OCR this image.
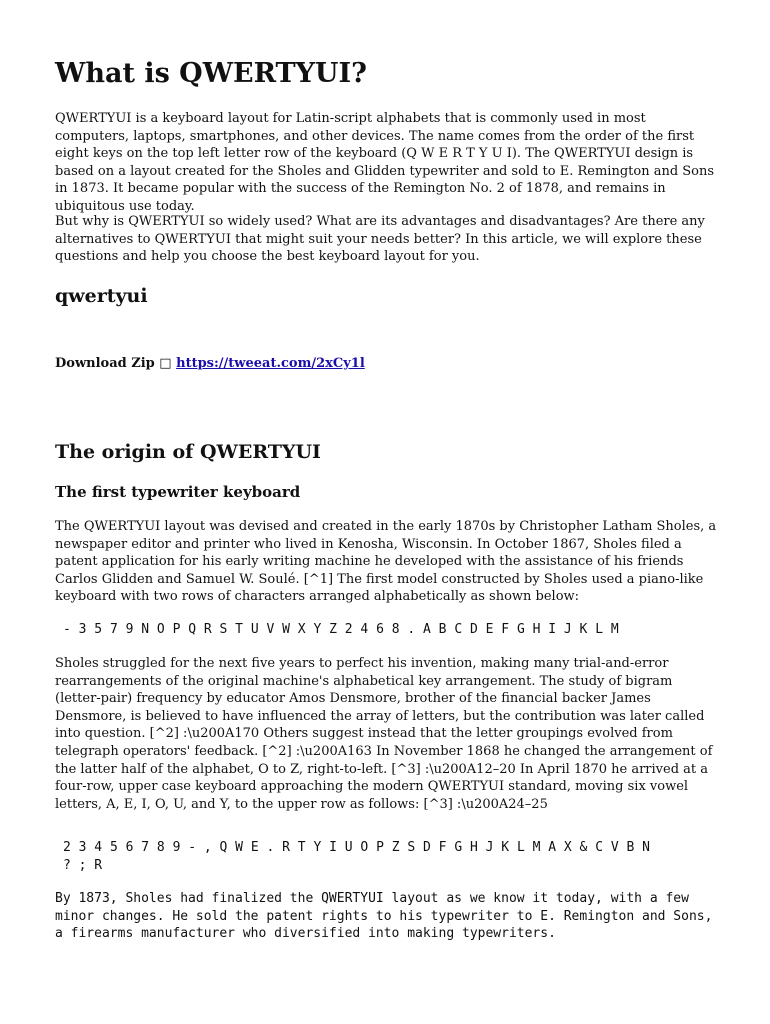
What is QWERTYUI?

QWERTYUI is a keyboard layout for Latin-script alphabets that is commonly used in most computers, laptops, smartphones, and other devices. The name comes from the order of the first eight keys on the top left letter row of the keyboard (Q W E R T Y U I). The QWERTYUI design is based on a layout created for the Sholes and Glidden typewriter and sold to E. Remington and Sons in 1873. It became popular with the success of the Remington No. 2 of 1878, and remains in ubiquitous use today.

But why is QWERTYUI so widely used? What are its advantages and disadvantages? Are there any alternatives to QWERTYUI that might suit your needs better? In this article, we will explore these questions and help you choose the best keyboard layout for you.

qwertyui
Download Zip □ https://tweeat.com/2xCy1l
The origin of QWERTYUI
The first typewriter keyboard

The QWERTYUI layout was devised and created in the early 1870s by Christopher Latham Sholes, a newspaper editor and printer who lived in Kenosha, Wisconsin. In October 1867, Sholes filed a patent application for his early writing machine he developed with the assistance of his friends Carlos Glidden and Samuel W. Soulé. [^1] The first model constructed by Sholes used a piano-like keyboard with two rows of characters arranged alphabetically as shown below:

- 3 5 7 9 N O P Q R S T U V W X Y Z 2 4 6 8 . A B C D E F G H I J K L M

Sholes struggled for the next five years to perfect his invention, making many trial-and-error rearrangements of the original machine's alphabetical key arrangement. The study of bigram (letter-pair) frequency by educator Amos Densmore, brother of the financial backer James Densmore, is believed to have influenced the array of letters, but the contribution was later called into question. [^2] :\u200A170 Others suggest instead that the letter groupings evolved from telegraph operators' feedback. [^2] :\u200A163 In November 1868 he changed the arrangement of the latter half of the alphabet, O to Z, right-to-left. [^3] :\u200A12–20 In April 1870 he arrived at a four-row, upper case keyboard approaching the modern QWERTYUI standard, moving six vowel letters, A, E, I, O, U, and Y, to the upper row as follows: [^3] :\u200A24–25

2 3 4 5 6 7 8 9 - , Q W E . R T Y I U O P Z S D F G H J K L M A X & C V B N
? ; R

By 1873, Sholes had finalized the QWERTYUI layout as we know it today, with a few minor changes. He sold the patent rights to his typewriter to E. Remington and Sons, a firearms manufacturer who diversified into making typewriters.
